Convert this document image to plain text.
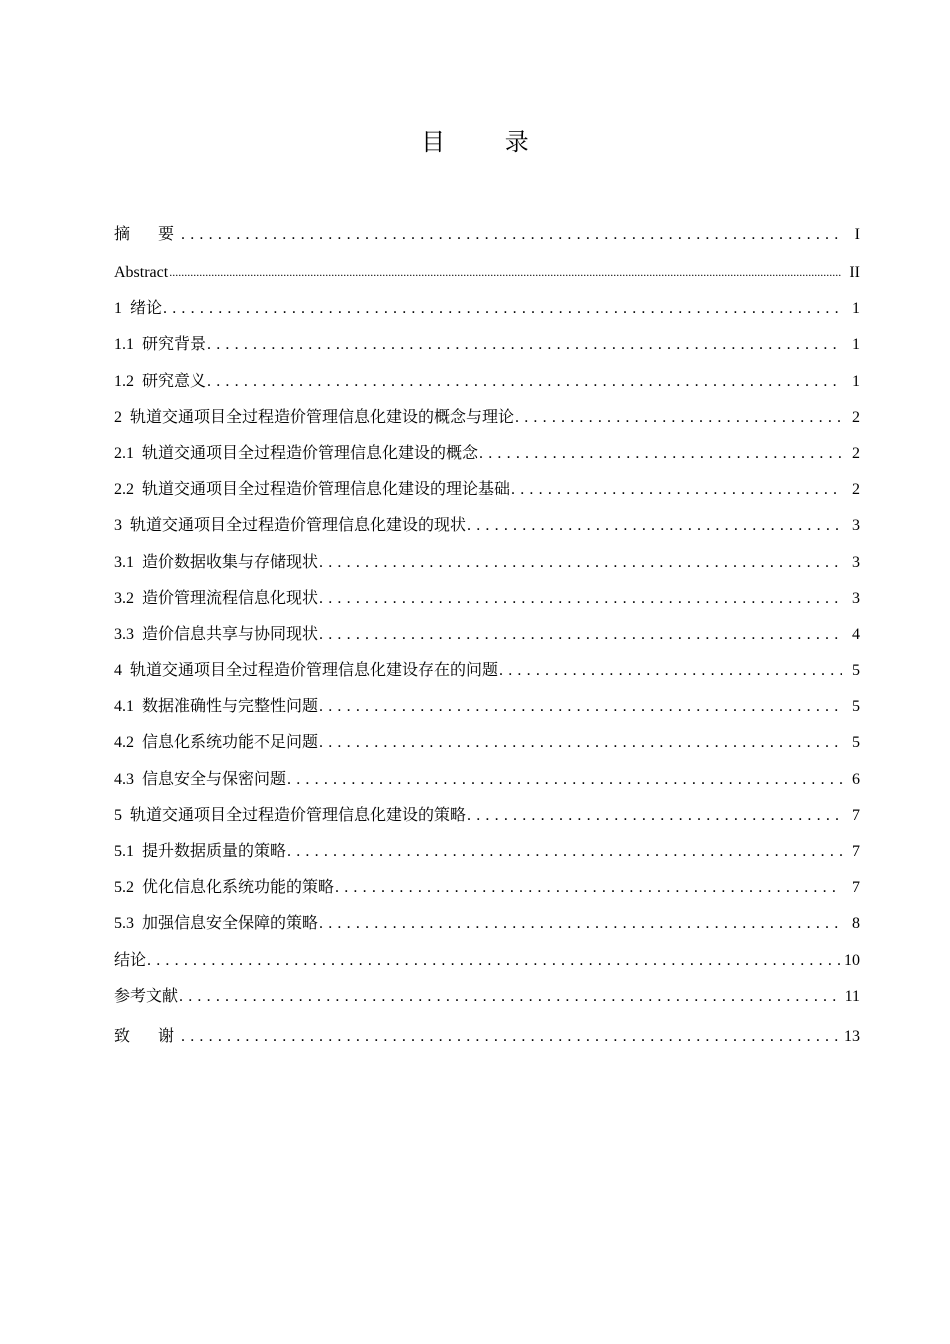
目 录
摘　要 . . .	I
Abstract .....	II
1 绪论 . . .	1
1.1 研究背景 . . .	1
1.2 研究意义 . . .	1
2 轨道交通项目全过程造价管理信息化建设的概念与理论 . . .	2
2.1 轨道交通项目全过程造价管理信息化建设的概念 . . .	2
2.2 轨道交通项目全过程造价管理信息化建设的理论基础 . . .	2
3 轨道交通项目全过程造价管理信息化建设的现状 . . .	3
3.1 造价数据收集与存储现状 . . .	3
3.2 造价管理流程信息化现状 . . .	3
3.3 造价信息共享与协同现状 . . .	4
4 轨道交通项目全过程造价管理信息化建设存在的问题 . . .	5
4.1 数据准确性与完整性问题 . . .	5
4.2 信息化系统功能不足问题 . . .	5
4.3 信息安全与保密问题 . . .	6
5 轨道交通项目全过程造价管理信息化建设的策略 . . .	7
5.1 提升数据质量的策略 . . .	7
5.2 优化信息化系统功能的策略 . . .	7
5.3 加强信息安全保障的策略 . . .	8
结论 . . .	10
参考文献 . . .	11
致　谢 . . .	13
